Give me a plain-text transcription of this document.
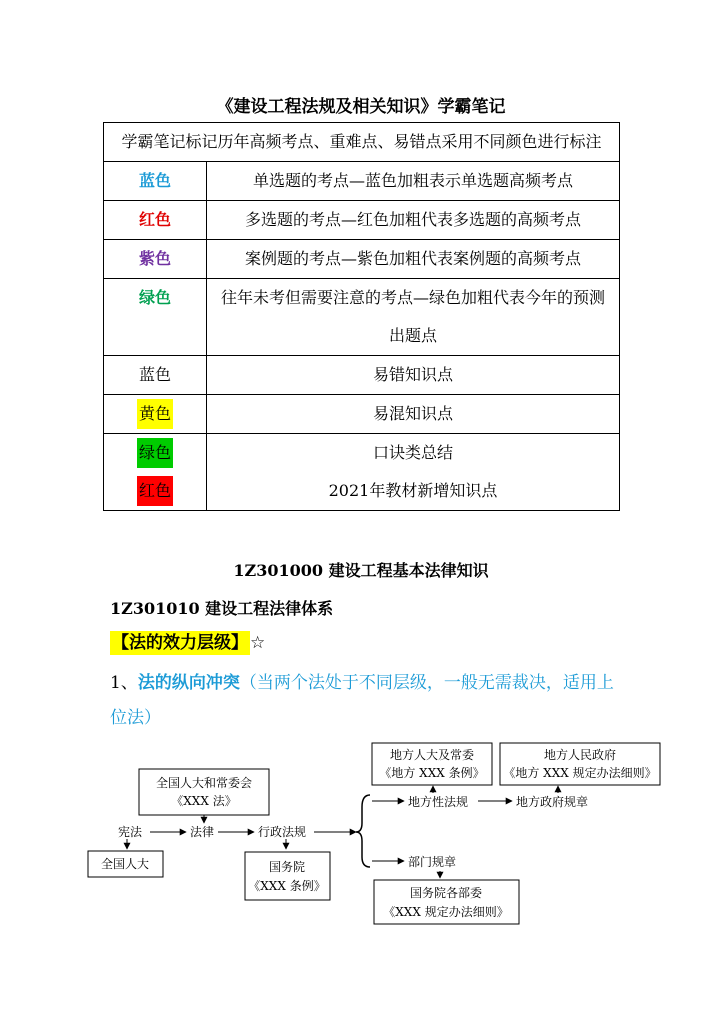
《建设工程法规及相关知识》学霸笔记
学霸笔记标记历年高频考点、重难点、易错点采用不同颜色进行标注	
蓝色	单选题的考点—蓝色加粗表示单选题高频考点
红色	多选题的考点—红色加粗代表多选题的高频考点
紫色	案例题的考点—紫色加粗代表案例题的高频考点
绿色	往年未考但需要注意的考点—绿色加粗代表今年的预测出题点
蓝色	易错知识点
黄色	易混知识点
绿色	口诀类总结
红色	2021年教材新增知识点
1Z301000 建设工程基本法律知识
1Z301010 建设工程法律体系
【法的效力层级】 ☆
1、法的纵向冲突（当两个法处于不同层级，一般无需裁决，适用上位法）
全国人大和常委会
《XXX 法》
宪法	法律	行政法规
全国人大	国务院
《XXX 条例》
地方性法规	地方政府规章
地方人大及常委
《地方 XXX 条例》
地方人民政府
《地方 XXX 规定办法细则》
部门规章
国务院各部委
《XXX 规定办法细则》
